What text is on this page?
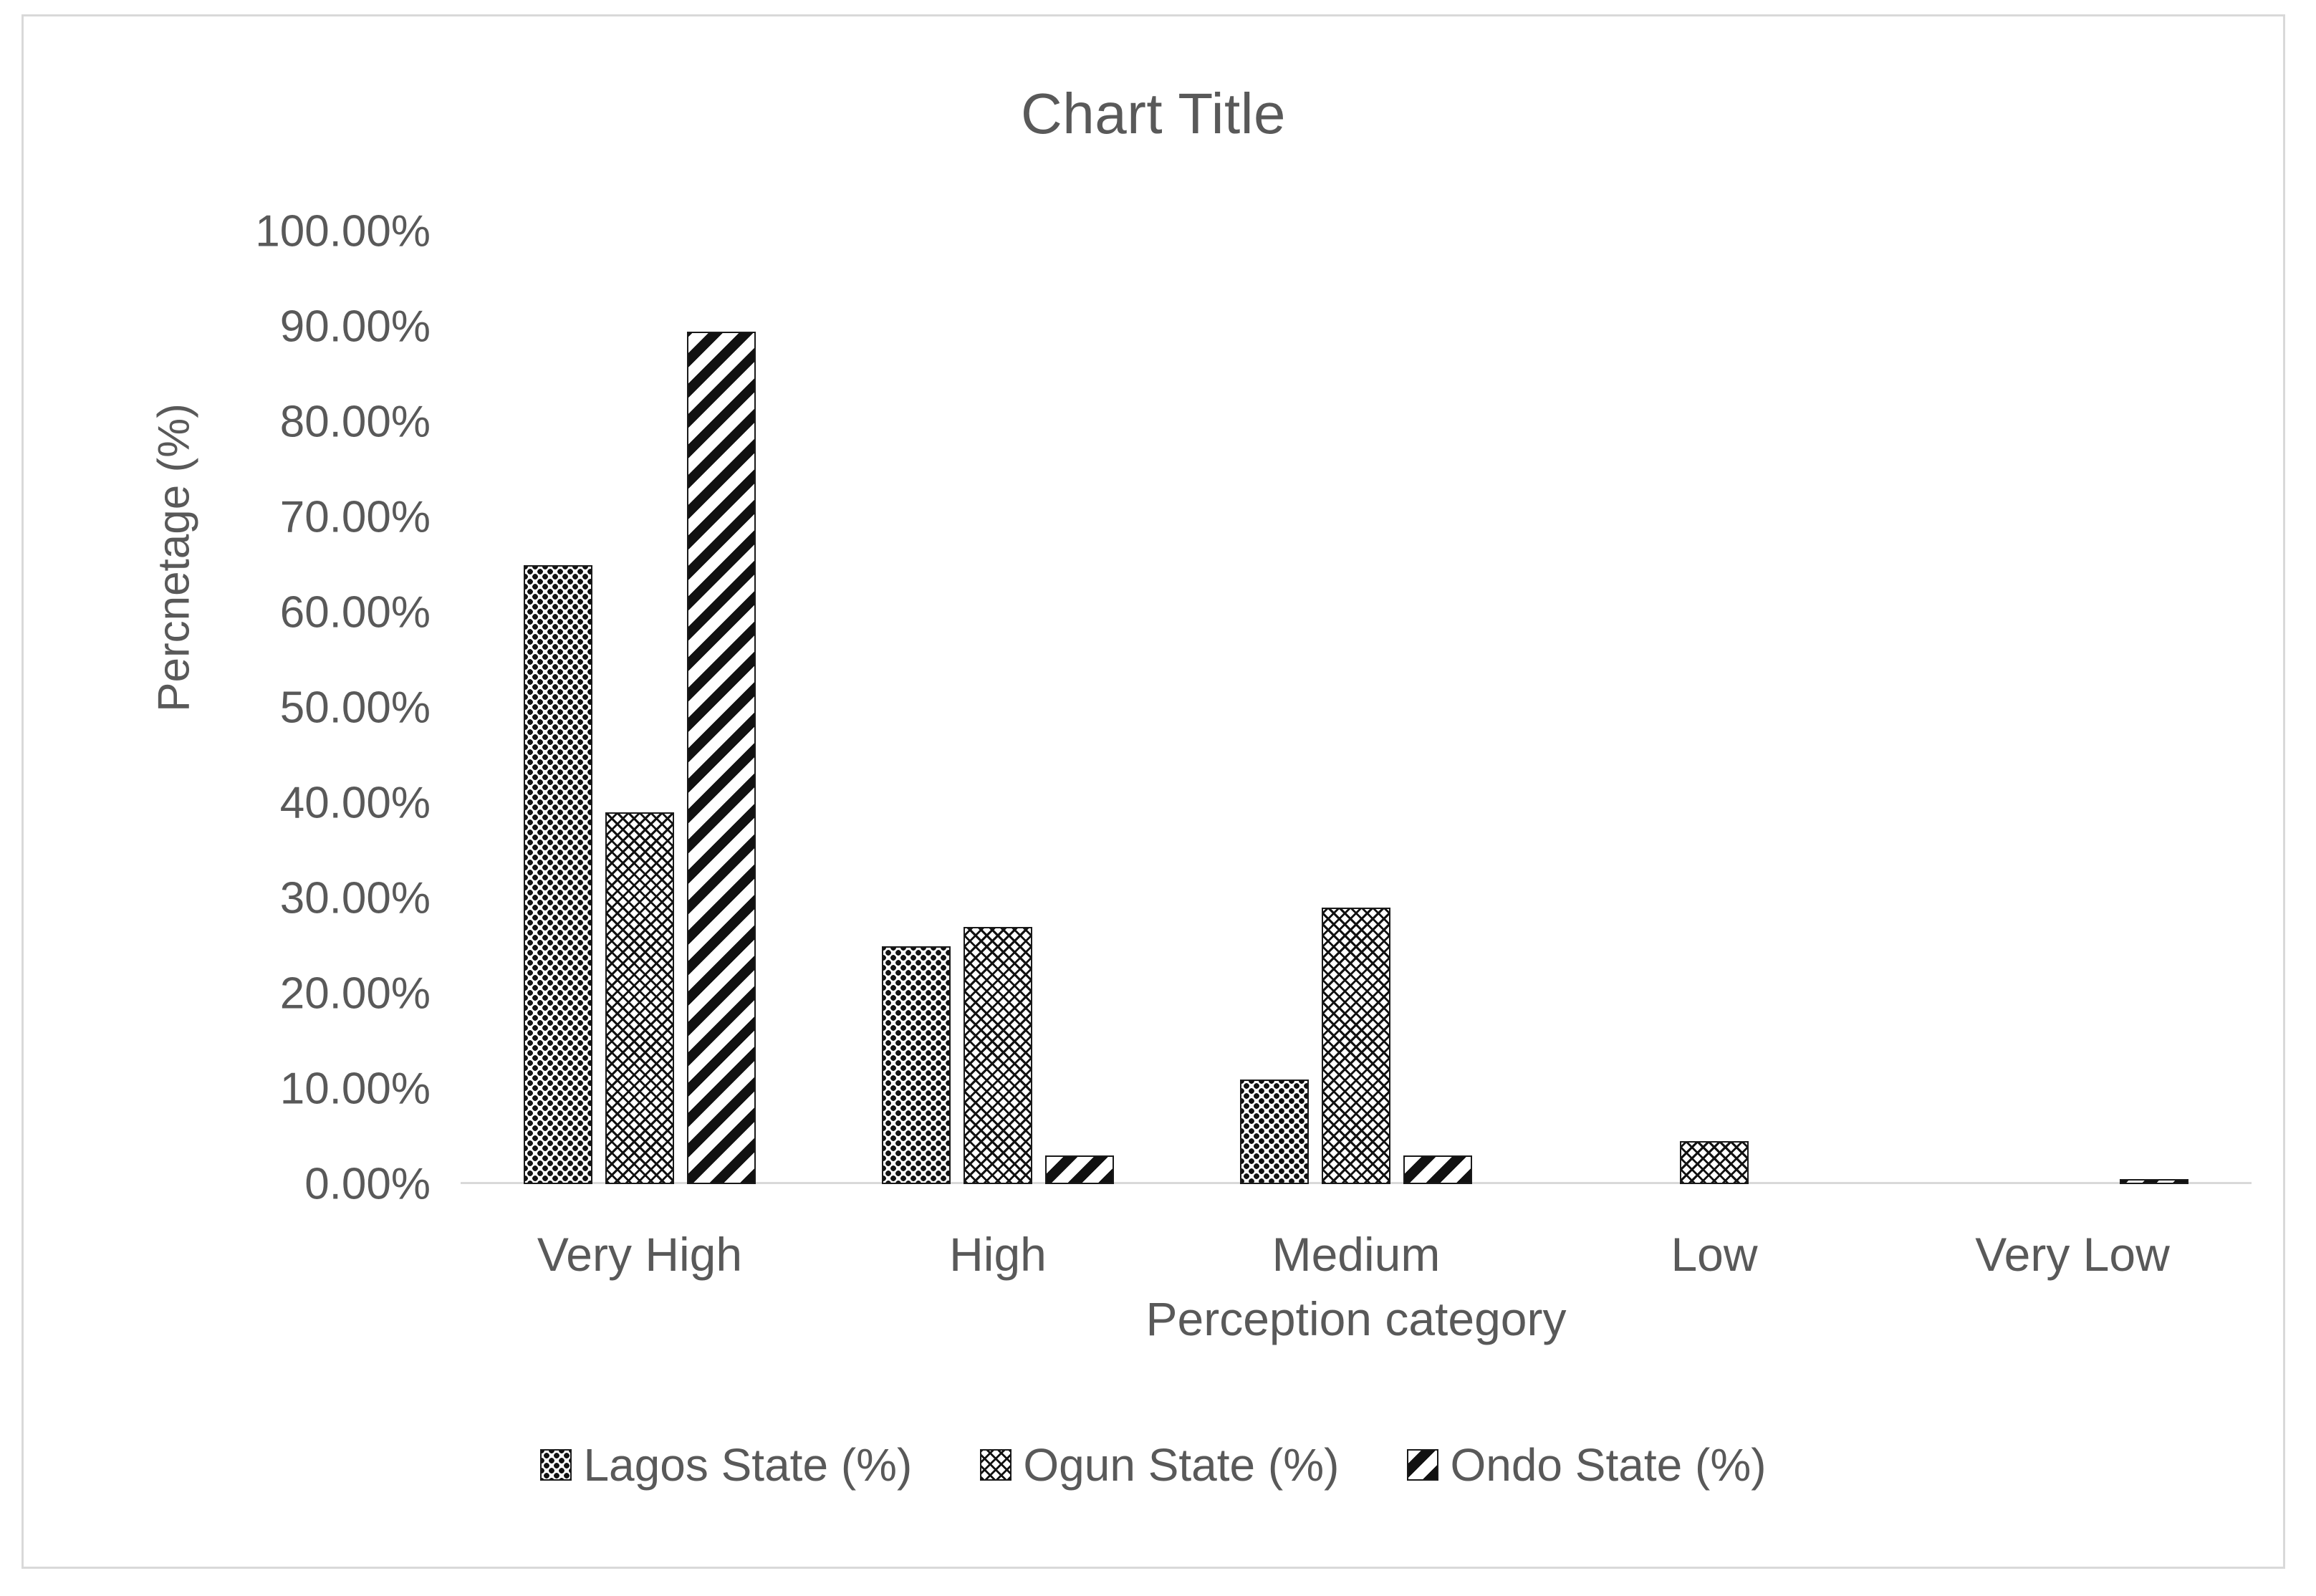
Chart Title
Percnetage (%)
0.00%
10.00%
20.00%
30.00%
40.00%
50.00%
60.00%
70.00%
80.00%
90.00%
100.00%
Very High	High	Medium	Low	Very Low
Perception category
Lagos State (%) Ogun State (%) Ondo State (%)
